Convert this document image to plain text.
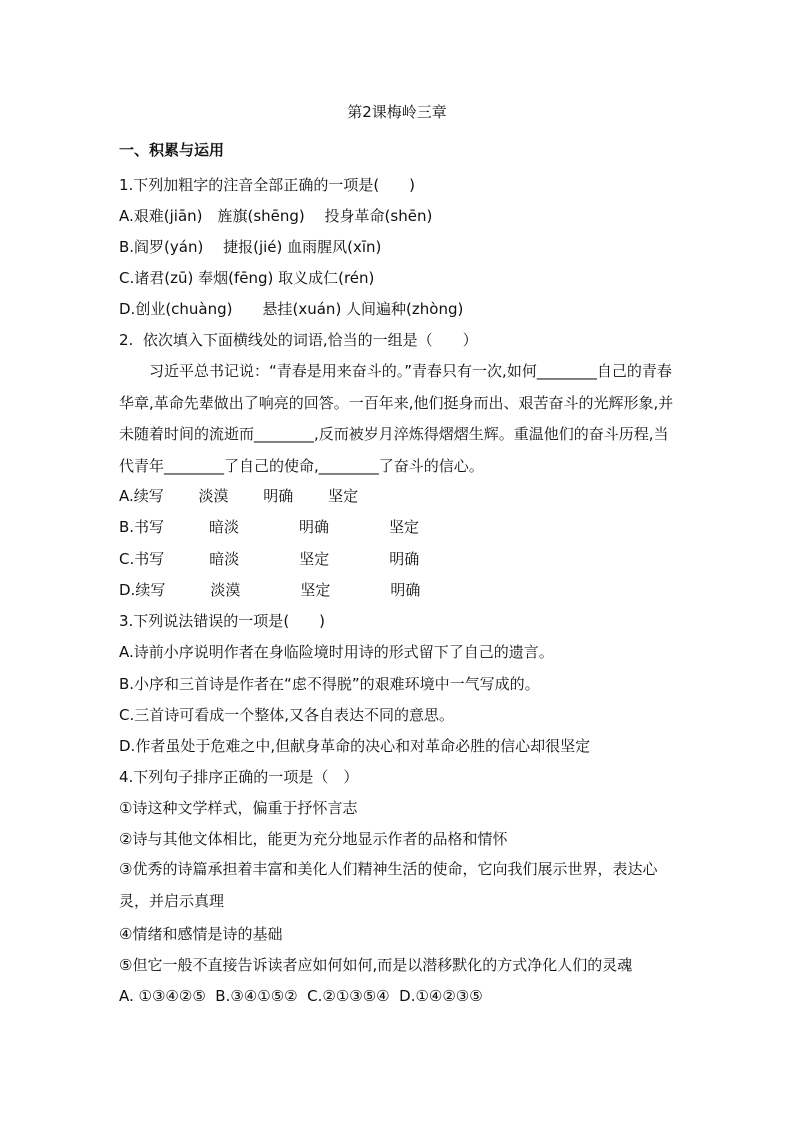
第2课梅岭三章
一、积累与运用
1.下列加粗字的注音全部正确的一项是(　　)
A.艰难(jiān)　旌旗(shēng)　 投身革命(shēn)
B.阎罗(yán)　 捷报(jié) 血雨腥风(xīn)
C.诸君(zū) 奉烟(fēng) 取义成仁(rén)
D.创业(chuàng)　　悬挂(xuán) 人间遍种(zhòng)
2.  依次填入下面横线处的词语,恰当的一组是（　　）
习近平总书记说：“青春是用来奋斗的。”青春只有一次,如何________自己的青春华章,革命先辈做出了响亮的回答。一百年来,他们挺身而出、艰苦奋斗的光辉形象,并未随着时间的流逝而________,反而被岁月淬炼得熠熠生辉。重温他们的奋斗历程,当代青年________了自己的使命,________了奋斗的信心。
A.续写　　 淡漠　　 明确　　 坚定
B.书写　　　暗淡　　　　明确　　　　坚定
C.书写　　　暗淡　　　　坚定　　　　明确
D.续写　　　淡漠　　　　坚定　　　　明确
3.下列说法错误的一项是(　　)
A.诗前小序说明作者在身临险境时用诗的形式留下了自己的遗言。
B.小序和三首诗是作者在“虑不得脱”的艰难环境中一气写成的。
C.三首诗可看成一个整体,又各自表达不同的意思。
D.作者虽处于危难之中,但献身革命的决心和对革命必胜的信心却很坚定
4.下列句子排序正确的一项是（　）
①诗这种文学样式，偏重于抒怀言志
②诗与其他文体相比，能更为充分地显示作者的品格和情怀
③优秀的诗篇承担着丰富和美化人们精神生活的使命，它向我们展示世界，表达心灵，并启示真理
④情绪和感情是诗的基础
⑤但它一般不直接告诉读者应如何如何,而是以潜移默化的方式净化人们的灵魂
A. ①③④②⑤  B.③④①⑤②  C.②①③⑤④  D.①④②③⑤
